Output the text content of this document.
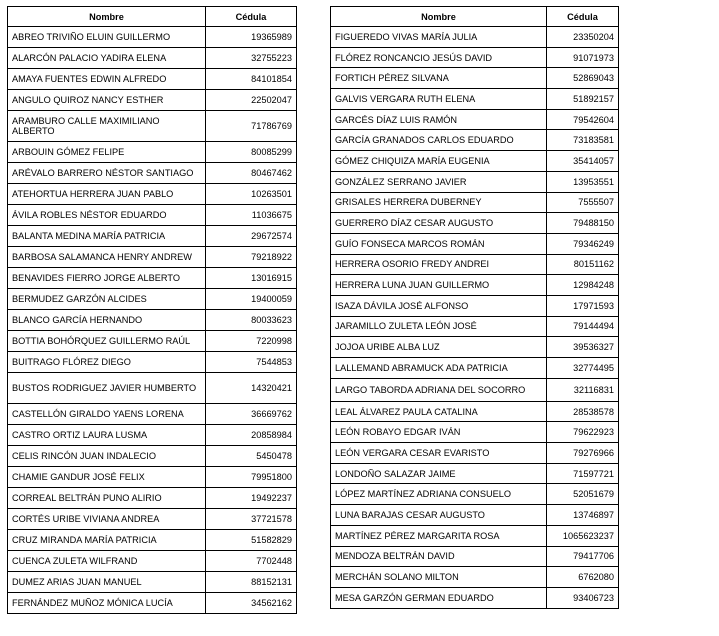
Nombre	Cédula
ABREO TRIVIÑO ELUIN GUILLERMO	19365989
ALARCÓN PALACIO YADIRA ELENA	32755223
AMAYA FUENTES EDWIN ALFREDO	84101854
ANGULO QUIROZ NANCY ESTHER	22502047
ARAMBURO CALLE MAXIMILIANO ALBERTO	71786769
ARBOUIN GÓMEZ FELIPE	80085299
ARÉVALO BARRERO NÉSTOR SANTIAGO	80467462
ATEHORTUA HERRERA JUAN PABLO	10263501
ÁVILA ROBLES NÉSTOR EDUARDO	11036675
BALANTA MEDINA MARÍA PATRICIA	29672574
BARBOSA SALAMANCA HENRY ANDREW	79218922
BENAVIDES FIERRO JORGE ALBERTO	13016915
BERMUDEZ GARZÓN ALCIDES	19400059
BLANCO GARCÍA HERNANDO	80033623
BOTTIA BOHÓRQUEZ GUILLERMO RAÚL	7220998
BUITRAGO FLÓREZ DIEGO	7544853
BUSTOS RODRIGUEZ JAVIER HUMBERTO	14320421
CASTELLÓN GIRALDO YAENS LORENA	36669762
CASTRO ORTIZ LAURA LUSMA	20858984
CELIS RINCÓN JUAN INDALECIO	5450478
CHAMIE GANDUR JOSÉ FELIX	79951800
CORREAL BELTRÁN PUNO ALIRIO	19492237
CORTÉS URIBE VIVIANA ANDREA	37721578
CRUZ MIRANDA MARÍA PATRICIA	51582829
CUENCA ZULETA WILFRAND	7702448
DUMEZ ARIAS JUAN MANUEL	88152131
FERNÁNDEZ MUÑOZ MÓNICA LUCÍA	34562162
Nombre	Cédula
FIGUEREDO VIVAS MARÍA JULIA	23350204
FLÓREZ RONCANCIO JESÚS DAVID	91071973
FORTICH PÉREZ SILVANA	52869043
GALVIS VERGARA RUTH ELENA	51892157
GARCÉS DÍAZ LUIS RAMÓN	79542604
GARCÍA GRANADOS CARLOS EDUARDO	73183581
GÓMEZ CHIQUIZA MARÍA EUGENIA	35414057
GONZÁLEZ SERRANO JAVIER	13953551
GRISALES HERRERA DUBERNEY	7555507
GUERRERO DÍAZ CESAR AUGUSTO	79488150
GUÍO FONSECA MARCOS ROMÁN	79346249
HERRERA OSORIO FREDY ANDREI	80151162
HERRERA LUNA JUAN GUILLERMO	12984248
ISAZA DÁVILA JOSÉ ALFONSO	17971593
JARAMILLO ZULETA LEÓN JOSÉ	79144494
JOJOA URIBE ALBA LUZ	39536327
LALLEMAND ABRAMUCK ADA PATRICIA	32774495
LARGO TABORDA ADRIANA DEL SOCORRO	32116831
LEAL ÁLVAREZ PAULA CATALINA	28538578
LEÓN ROBAYO EDGAR IVÁN	79622923
LEÓN VERGARA CESAR EVARISTO	79276966
LONDOÑO SALAZAR JAIME	71597721
LÓPEZ MARTÍNEZ ADRIANA CONSUELO	52051679
LUNA BARAJAS CESAR AUGUSTO	13746897
MARTÍNEZ PÉREZ MARGARITA ROSA	1065623237
MENDOZA BELTRÁN DAVID	79417706
MERCHÁN SOLANO MILTON	6762080
MESA GARZÓN GERMAN EDUARDO	93406723
